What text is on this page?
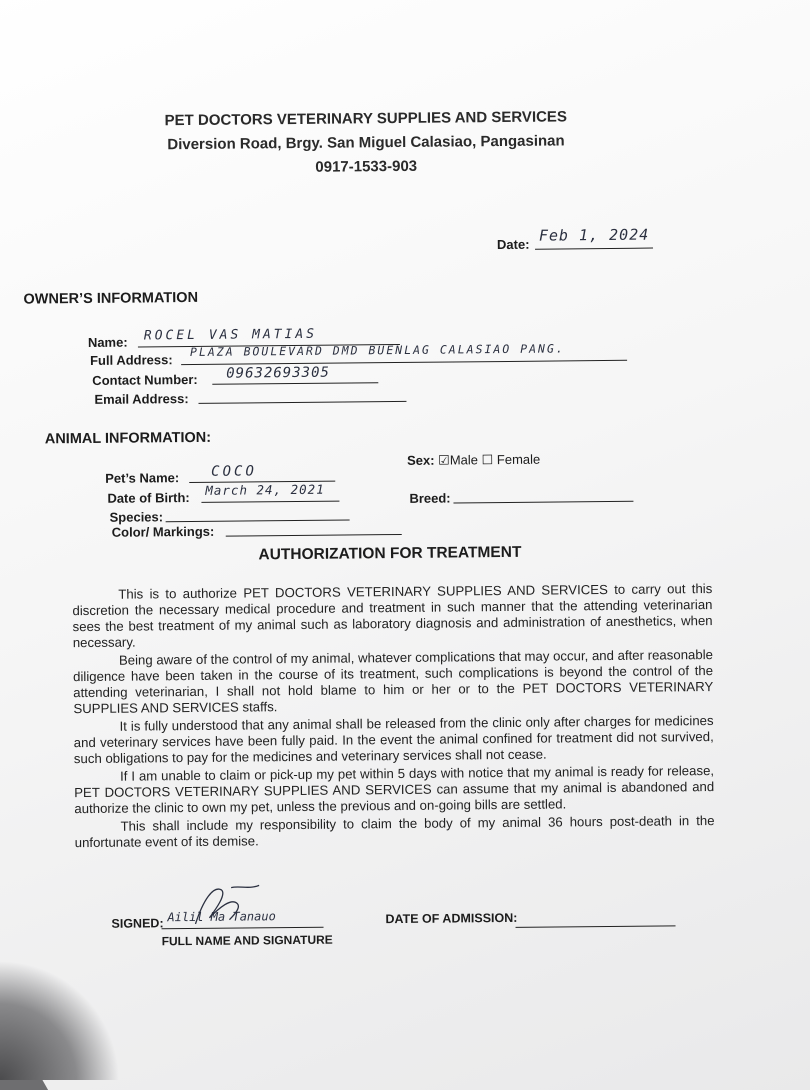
PET DOCTORS VETERINARY SUPPLIES AND SERVICES
Diversion Road, Brgy. San Miguel Calasiao, Pangasinan
0917-1533-903
Date: Feb 1, 2024
OWNER’S INFORMATION
Name: ROCEL VAS MATIAS
Full Address:
PLAZA BOULEVARD DMD BUENLAG CALASIAO PANG.
Contact Number: 09632693305
Email Address:
ANIMAL INFORMATION:
Pet’s Name: COCO
Date of Birth:
March 24, 2021
Species:
Color/ Markings:
Sex: ☑Male ☐ Female
Breed:
AUTHORIZATION FOR TREATMENT

This is to authorize PET DOCTORS VETERINARY SUPPLIES AND SERVICES to carry out this discretion the necessary medical procedure and treatment in such manner that the attending veterinarian sees the best treatment of my animal such as laboratory diagnosis and administration of anesthetics, when necessary.

Being aware of the control of my animal, whatever complications that may occur, and after reasonable diligence have been taken in the course of its treatment, such complications is beyond the control of the attending veterinarian, I shall not hold blame to him or her or to the PET DOCTORS VETERINARY SUPPLIES AND SERVICES staffs.

It is fully understood that any animal shall be released from the clinic only after charges for medicines and veterinary services have been fully paid. In the event the animal confined for treatment did not survived, such obligations to pay for the medicines and veterinary services shall not cease.

If I am unable to claim or pick-up my pet within 5 days with notice that my animal is ready for release, PET DOCTORS VETERINARY SUPPLIES AND SERVICES can assume that my animal is abandoned and authorize the clinic to own my pet, unless the previous and on-going bills are settled.

This shall include my responsibility to claim the body of my animal 36 hours post-death in the unfortunate event of its demise.

SIGNED: Ailil Ma Tanauo
FULL NAME AND SIGNATURE
DATE OF ADMISSION:
